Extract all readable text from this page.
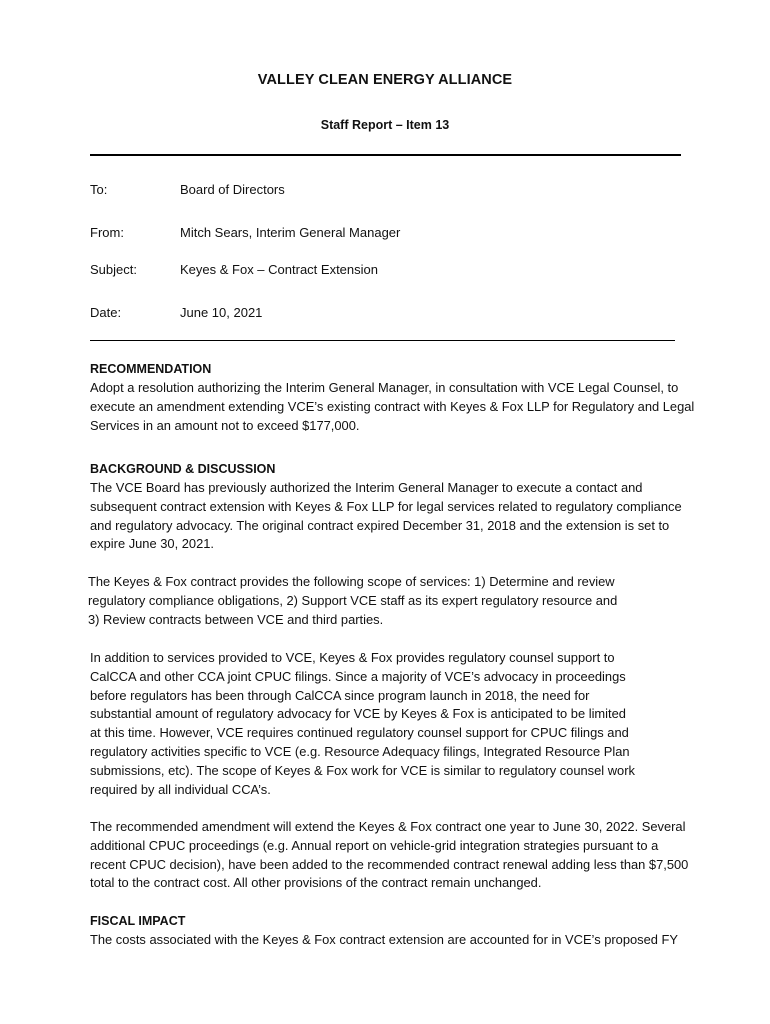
VALLEY CLEAN ENERGY ALLIANCE
Staff Report – Item 13
To:	Board of Directors
From:	Mitch Sears, Interim General Manager
Subject:	Keyes & Fox – Contract Extension
Date:	June 10, 2021
RECOMMENDATION
Adopt a resolution authorizing the Interim General Manager, in consultation with VCE Legal Counsel, to
execute an amendment extending VCE’s existing contract with Keyes & Fox LLP for Regulatory and Legal
Services in an amount not to exceed $177,000.
BACKGROUND & DISCUSSION
The VCE Board has previously authorized the Interim General Manager to execute a contact and
subsequent contract extension with Keyes & Fox LLP for legal services related to regulatory compliance
and regulatory advocacy. The original contract expired December 31, 2018 and the extension is set to
expire June 30, 2021.
The Keyes & Fox contract provides the following scope of services: 1) Determine and review
regulatory compliance obligations, 2) Support VCE staff as its expert regulatory resource and
3) Review contracts between VCE and third parties.
In addition to services provided to VCE, Keyes & Fox provides regulatory counsel support to
CalCCA and other CCA joint CPUC filings. Since a majority of VCE’s advocacy in proceedings
before regulators has been through CalCCA since program launch in 2018, the need for
substantial amount of regulatory advocacy for VCE by Keyes & Fox is anticipated to be limited
at this time. However, VCE requires continued regulatory counsel support for CPUC filings and
regulatory activities specific to VCE (e.g. Resource Adequacy filings, Integrated Resource Plan
submissions, etc). The scope of Keyes & Fox work for VCE is similar to regulatory counsel work
required by all individual CCA’s.
The recommended amendment will extend the Keyes & Fox contract one year to June 30, 2022. Several
additional CPUC proceedings (e.g. Annual report on vehicle-grid integration strategies pursuant to a
recent CPUC decision), have been added to the recommended contract renewal adding less than $7,500
total to the contract cost. All other provisions of the contract remain unchanged.
FISCAL IMPACT
The costs associated with the Keyes & Fox contract extension are accounted for in VCE’s proposed FY
